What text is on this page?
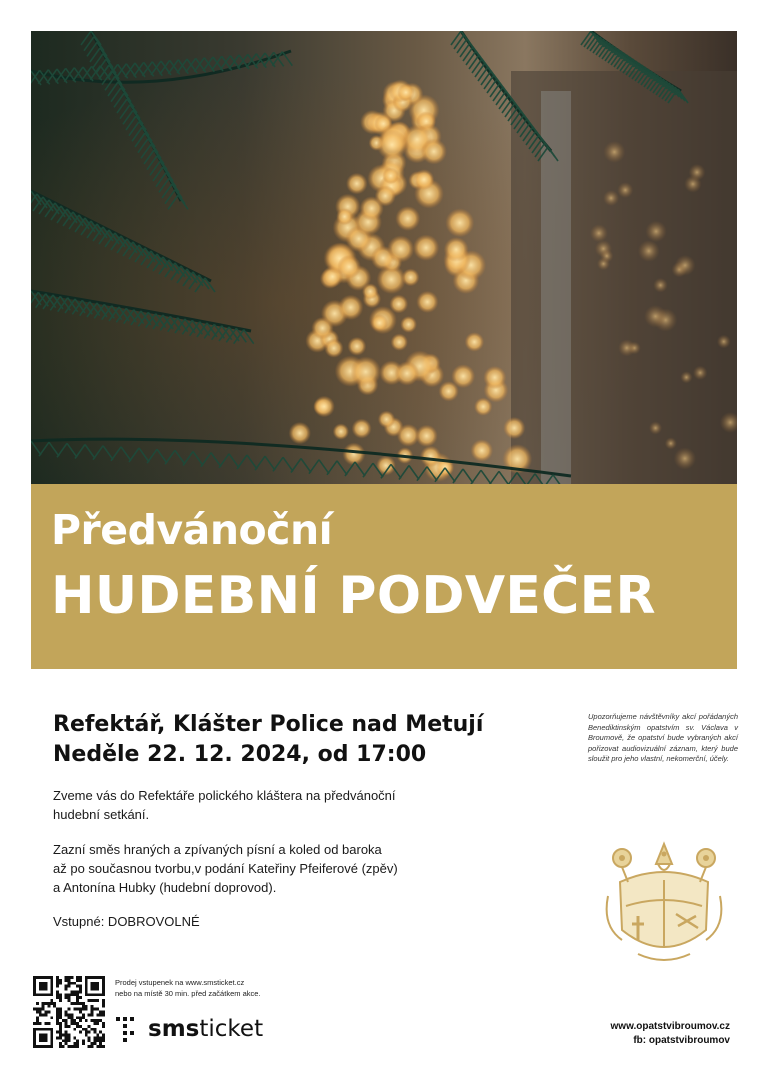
Předvánoční
HUDEBNÍ PODVEČER
Refektář, Klášter Police nad Metují
Neděle 22. 12. 2024, od 17:00
Zveme vás do Refektáře polického kláštera na předvánoční hudební setkání.
Zazní směs hraných a zpívaných písní a koled od baroka
až po současnou tvorbu,v podání Kateřiny Pfeiferové (zpěv)
a Antonína Hubky (hudební doprovod).
Vstupné: DOBROVOLNÉ
Upozorňujeme návštěvníky akcí pořádaných Benediktinským opatstvím sv. Václava v Broumově, že opatství bude vybraných akcí pořizovat audiovizuální záznam, který bude sloužit pro jeho vlastní, nekomerční, účely.
Prodej vstupenek na www.smsticket.cz
nebo na místě 30 min. před začátkem akce.
smsticket	www.opatstvibroumov.cz
fb: opatstvibroumov
